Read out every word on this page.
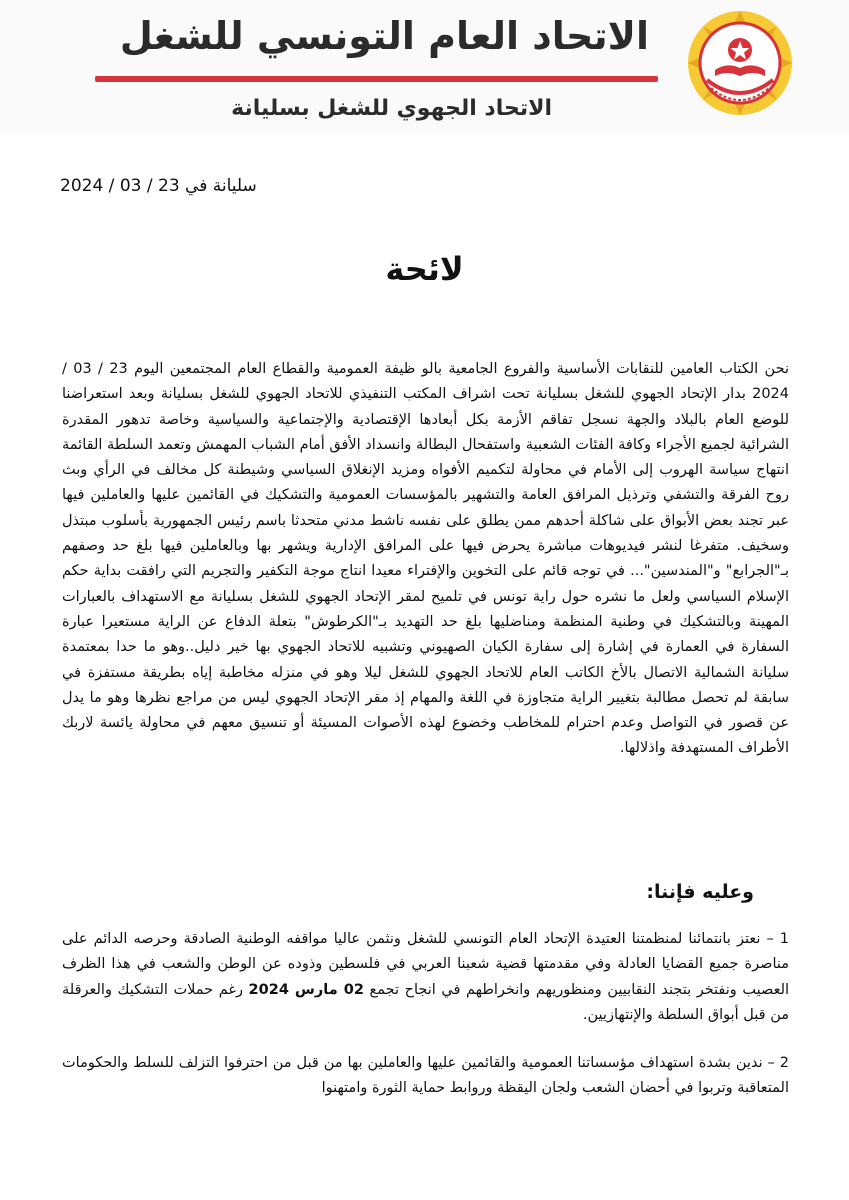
الاتحاد العام التونسي للشغل
الاتحاد الجهوي للشغل بسليانة
سليانة في 23 / 03 / 2024
لائحة
نحن الكتاب العامين للنقابات الأساسية والفروع الجامعية بالو ظيفة العمومية والقطاع العام المجتمعين اليوم 23 / 03 / 2024 بدار الإتحاد الجهوي للشغل بسليانة تحت اشراف المكتب التنفيذي للاتحاد الجهوي للشغل بسليانة وبعد استعراضنا للوضع العام بالبلاد والجهة نسجل تفاقم الأزمة بكل أبعادها الإقتصادية والإجتماعية والسياسية وخاصة تدهور المقدرة الشرائية لجميع الأجراء وكافة الفئات الشعبية واستفحال البطالة وانسداد الأفق أمام الشباب المهمش وتعمد السلطة القائمة انتهاج سياسة الهروب إلى الأمام في محاولة لتكميم الأفواه ومزيد الإنغلاق السياسي وشيطنة كل مخالف في الرأي وبث روح الفرقة والتشفي وترذيل المرافق العامة والتشهير بالمؤسسات العمومية والتشكيك في القائمين عليها والعاملين فيها عبر تجند بعض الأبواق على شاكلة أحدهم ممن يطلق على نفسه ناشط مدني متحدثا باسم رئيس الجمهورية بأسلوب مبتذل وسخيف. متفرغا لنشر فيديوهات مباشرة يحرض فيها على المرافق الإدارية ويشهر بها وبالعاملين فيها بلغ حد وصفهم بـ"الجرابع" و"المندسين"... في توجه قائم على التخوين والإفتراء معيدا انتاج موجة التكفير والتجريم التي رافقت بداية حكم الإسلام السياسي ولعل ما نشره حول راية تونس في تلميح لمقر الإتحاد الجهوي للشغل بسليانة مع الاستهداف بالعبارات المهينة وبالتشكيك في وطنية المنظمة ومناضليها بلغ حد التهديد بـ"الكرطوش" بتعلة الدفاع عن الراية مستعيرا عبارة السفارة في العمارة في إشارة إلى سفارة الكيان الصهيوني وتشبيه للاتحاد الجهوي بها خير دليل..وهو ما حدا بمعتمدة سليانة الشمالية الاتصال بالأخ الكاتب العام للاتحاد الجهوي للشغل ليلا وهو في منزله مخاطبة إياه بطريقة مستفزة في سابقة لم تحصل مطالبة بتغيير الراية متجاوزة في اللغة والمهام إذ مقر الإتحاد الجهوي ليس من مراجع نظرها وهو ما يدل عن قصور في التواصل وعدم احترام للمخاطب وخضوع لهذه الأصوات المسيئة أو تنسيق معهم في محاولة يائسة لاربك الأطراف المستهدفة واذلالها.
وعليه فإننا:
1 – نعتز بانتمائنا لمنظمتنا العتيدة الإتحاد العام التونسي للشغل ونثمن عاليا مواقفه الوطنية الصادقة وحرصه الدائم على مناصرة جميع القضايا العادلة وفي مقدمتها قضية شعبنا العربي في فلسطين وذوده عن الوطن والشعب في هذا الظرف العصيب ونفتخر بتجند النقابيين ومنظوريهم وانخراطهم في انجاح تجمع 02 مارس 2024 رغم حملات التشكيك والعرقلة من قبل أبواق السلطة والإنتهازيين.
2 – ندين بشدة استهداف مؤسساتنا العمومية والقائمين عليها والعاملين بها من قبل من احترفوا التزلف للسلط والحكومات المتعاقبة وتربوا في أحضان الشعب ولجان اليقظة وروابط حماية الثورة وامتهنوا
